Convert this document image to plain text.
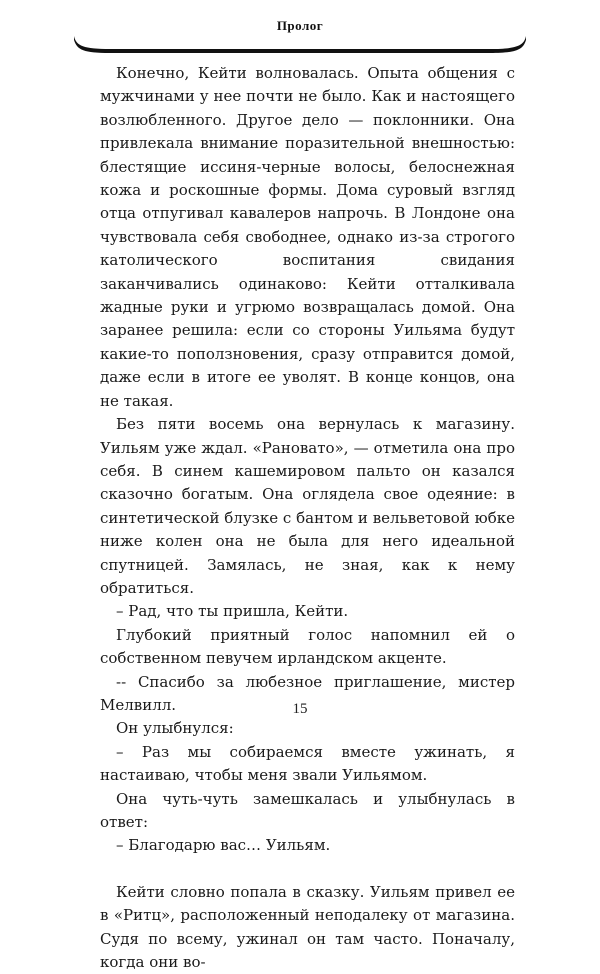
Пролог

Конечно, Кейти волновалась. Опыта общения с мужчинами у нее почти не было. Как и настоящего возлюбленного. Другое дело — поклонники. Она привлекала внимание поразительной внешностью: блестящие иссиня-черные волосы, белоснежная кожа и роскошные формы. Дома суровый взгляд отца отпугивал кавалеров напрочь. В Лондоне она чувствовала себя свободнее, однако из-за строгого католического воспитания свидания заканчивались одинаково: Кейти отталкивала жадные руки и угрюмо возвращалась домой. Она заранее решила: если со стороны Уильяма будут какие-то поползновения, сразу отправится домой, даже если в итоге ее уволят. В конце концов, она не такая.

Без пяти восемь она вернулась к магазину. Уильям уже ждал. «Рановато», — отметила она про себя. В синем кашемировом пальто он казался сказочно богатым. Она оглядела свое одеяние: в синтетической блузке с бантом и вельветовой юбке ниже колен она не была для него идеальной спутницей. Замялась, не зная, как к нему обратиться.

– Рад, что ты пришла, Кейти.

Глубокий приятный голос напомнил ей о собственном певучем ирландском акценте.

-- Спасибо за любезное приглашение, мистер Мелвилл.

Он улыбнулся:

– Раз мы собираемся вместе ужинать, я настаиваю, чтобы меня звали Уильямом.

Она чуть-чуть замешкалась и улыбнулась в ответ:

– Благодарю вас… Уильям.

Кейти словно попала в сказку. Уильям привел ее в «Ритц», расположенный неподалеку от магазина. Судя по всему, ужинал он там часто. Поначалу, когда они во-

15
